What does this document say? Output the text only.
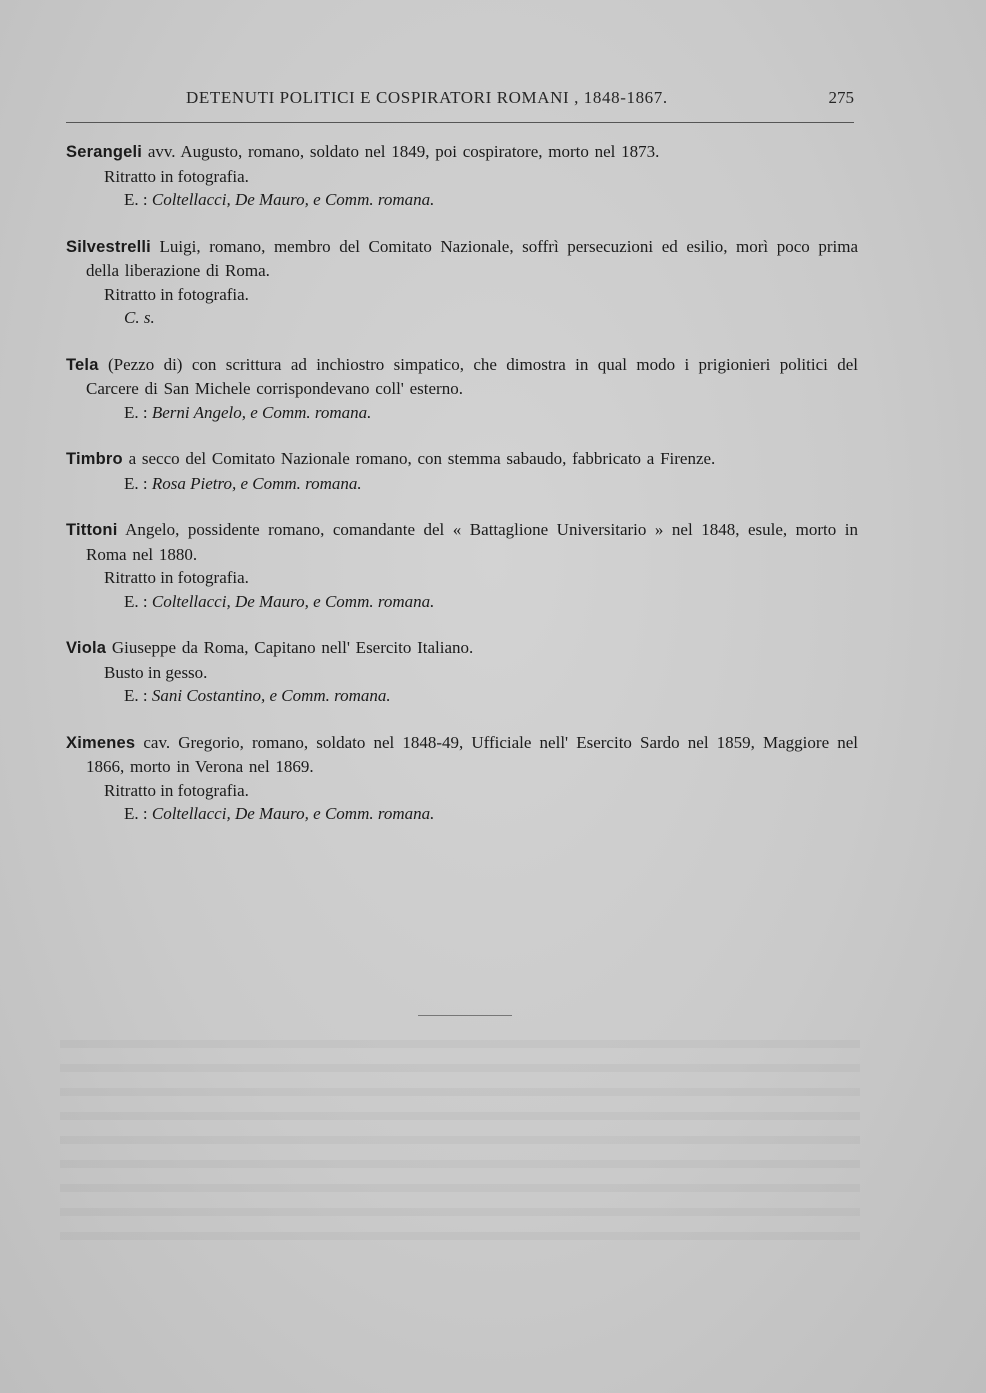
DETENUTI POLITICI E COSPIRATORI ROMANI , 1848-1867.	275

Serangeli avv. Augusto, romano, soldato nel 1849, poi cospiratore, morto nel 1873.

Ritratto in fotografia.

E. : Coltellacci, De Mauro, e Comm. romana.

Silvestrelli Luigi, romano, membro del Comitato Nazionale, soffrì persecuzioni ed esilio, morì poco prima della liberazione di Roma.

Ritratto in fotografia.

C. s.

Tela (Pezzo di) con scrittura ad inchiostro simpatico, che dimostra in qual modo i prigionieri politici del Carcere di San Michele corrispondevano coll' esterno.

E. : Berni Angelo, e Comm. romana.

Timbro a secco del Comitato Nazionale romano, con stemma sabaudo, fabbricato a Firenze.

E. : Rosa Pietro, e Comm. romana.

Tittoni Angelo, possidente romano, comandante del « Battaglione Universitario » nel 1848, esule, morto in Roma nel 1880.

Ritratto in fotografia.

E. : Coltellacci, De Mauro, e Comm. romana.

Viola Giuseppe da Roma, Capitano nell' Esercito Italiano.

Busto in gesso.

E. : Sani Costantino, e Comm. romana.

Ximenes cav. Gregorio, romano, soldato nel 1848-49, Ufficiale nell' Esercito Sardo nel 1859, Maggiore nel 1866, morto in Verona nel 1869.

Ritratto in fotografia.

E. : Coltellacci, De Mauro, e Comm. romana.
